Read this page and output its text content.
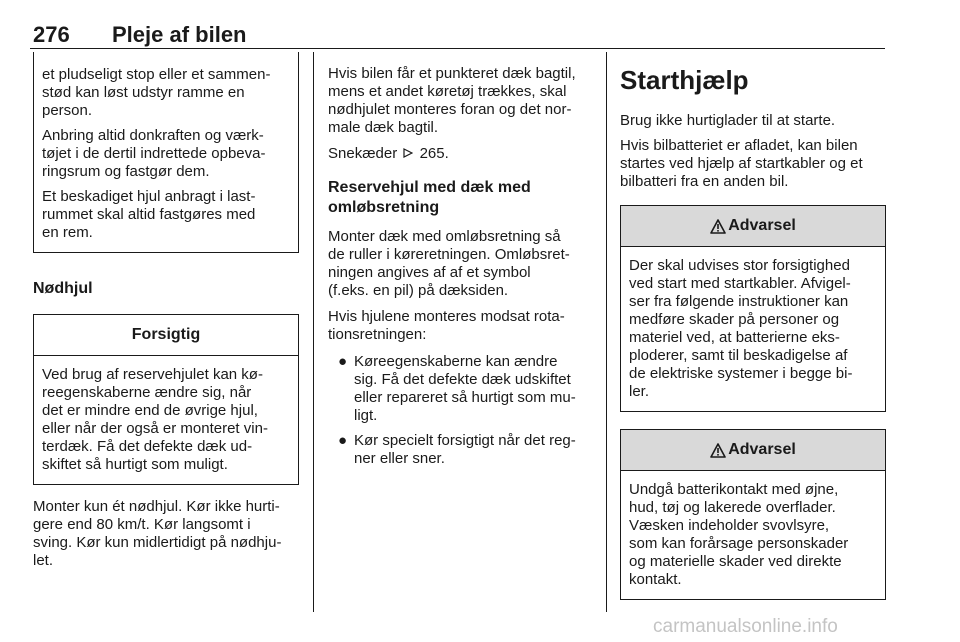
276 Pleje af bilen

et pludseligt stop eller et sammen-
stød kan løst udstyr ramme en
person.

Anbring altid donkraften og værk-
tøjet i de dertil indrettede opbeva-
ringsrum og fastgør dem.

Et beskadiget hjul anbragt i last-
rummet skal altid fastgøres med
en rem.

Nødhjul
Forsigtig

Ved brug af reservehjulet kan kø-
reegenskaberne ændre sig, når
det er mindre end de øvrige hjul,
eller når der også er monteret vin-
terdæk. Få det defekte dæk ud-
skiftet så hurtigt som muligt.

Monter kun ét nødhjul. Kør ikke hurti-
gere end 80 km/t. Kør langsomt i
sving. Kør kun midlertidigt på nødhju-
let.

Hvis bilen får et punkteret dæk bagtil,
mens et andet køretøj trækkes, skal
nødhjulet monteres foran og det nor-
male dæk bagtil.

Snekæder 265.

Reservehjul med dæk med
omløbsretning

Monter dæk med omløbsretning så
de ruller i køreretningen. Omløbsret-
ningen angives af af et symbol
(f.eks. en pil) på dæksiden.

Hvis hjulene monteres modsat rota-
tionsretningen:

● Køreegenskaberne kan ændre
sig. Få det defekte dæk udskiftet
eller repareret så hurtigt som mu-
ligt.
● Kør specielt forsigtigt når det reg-
ner eller sner.
Starthjælp

Brug ikke hurtiglader til at starte.

Hvis bilbatteriet er afladet, kan bilen
startes ved hjælp af startkabler og et
bilbatteri fra en anden bil.

Advarsel

Der skal udvises stor forsigtighed
ved start med startkabler. Afvigel-
ser fra følgende instruktioner kan
medføre skader på personer og
materiel ved, at batterierne eks-
ploderer, samt til beskadigelse af
de elektriske systemer i begge bi-
ler.

Advarsel

Undgå batterikontakt med øjne,
hud, tøj og lakerede overflader.
Væsken indeholder svovlsyre,
som kan forårsage personskader
og materielle skader ved direkte
kontakt.

carmanualsonline.info
